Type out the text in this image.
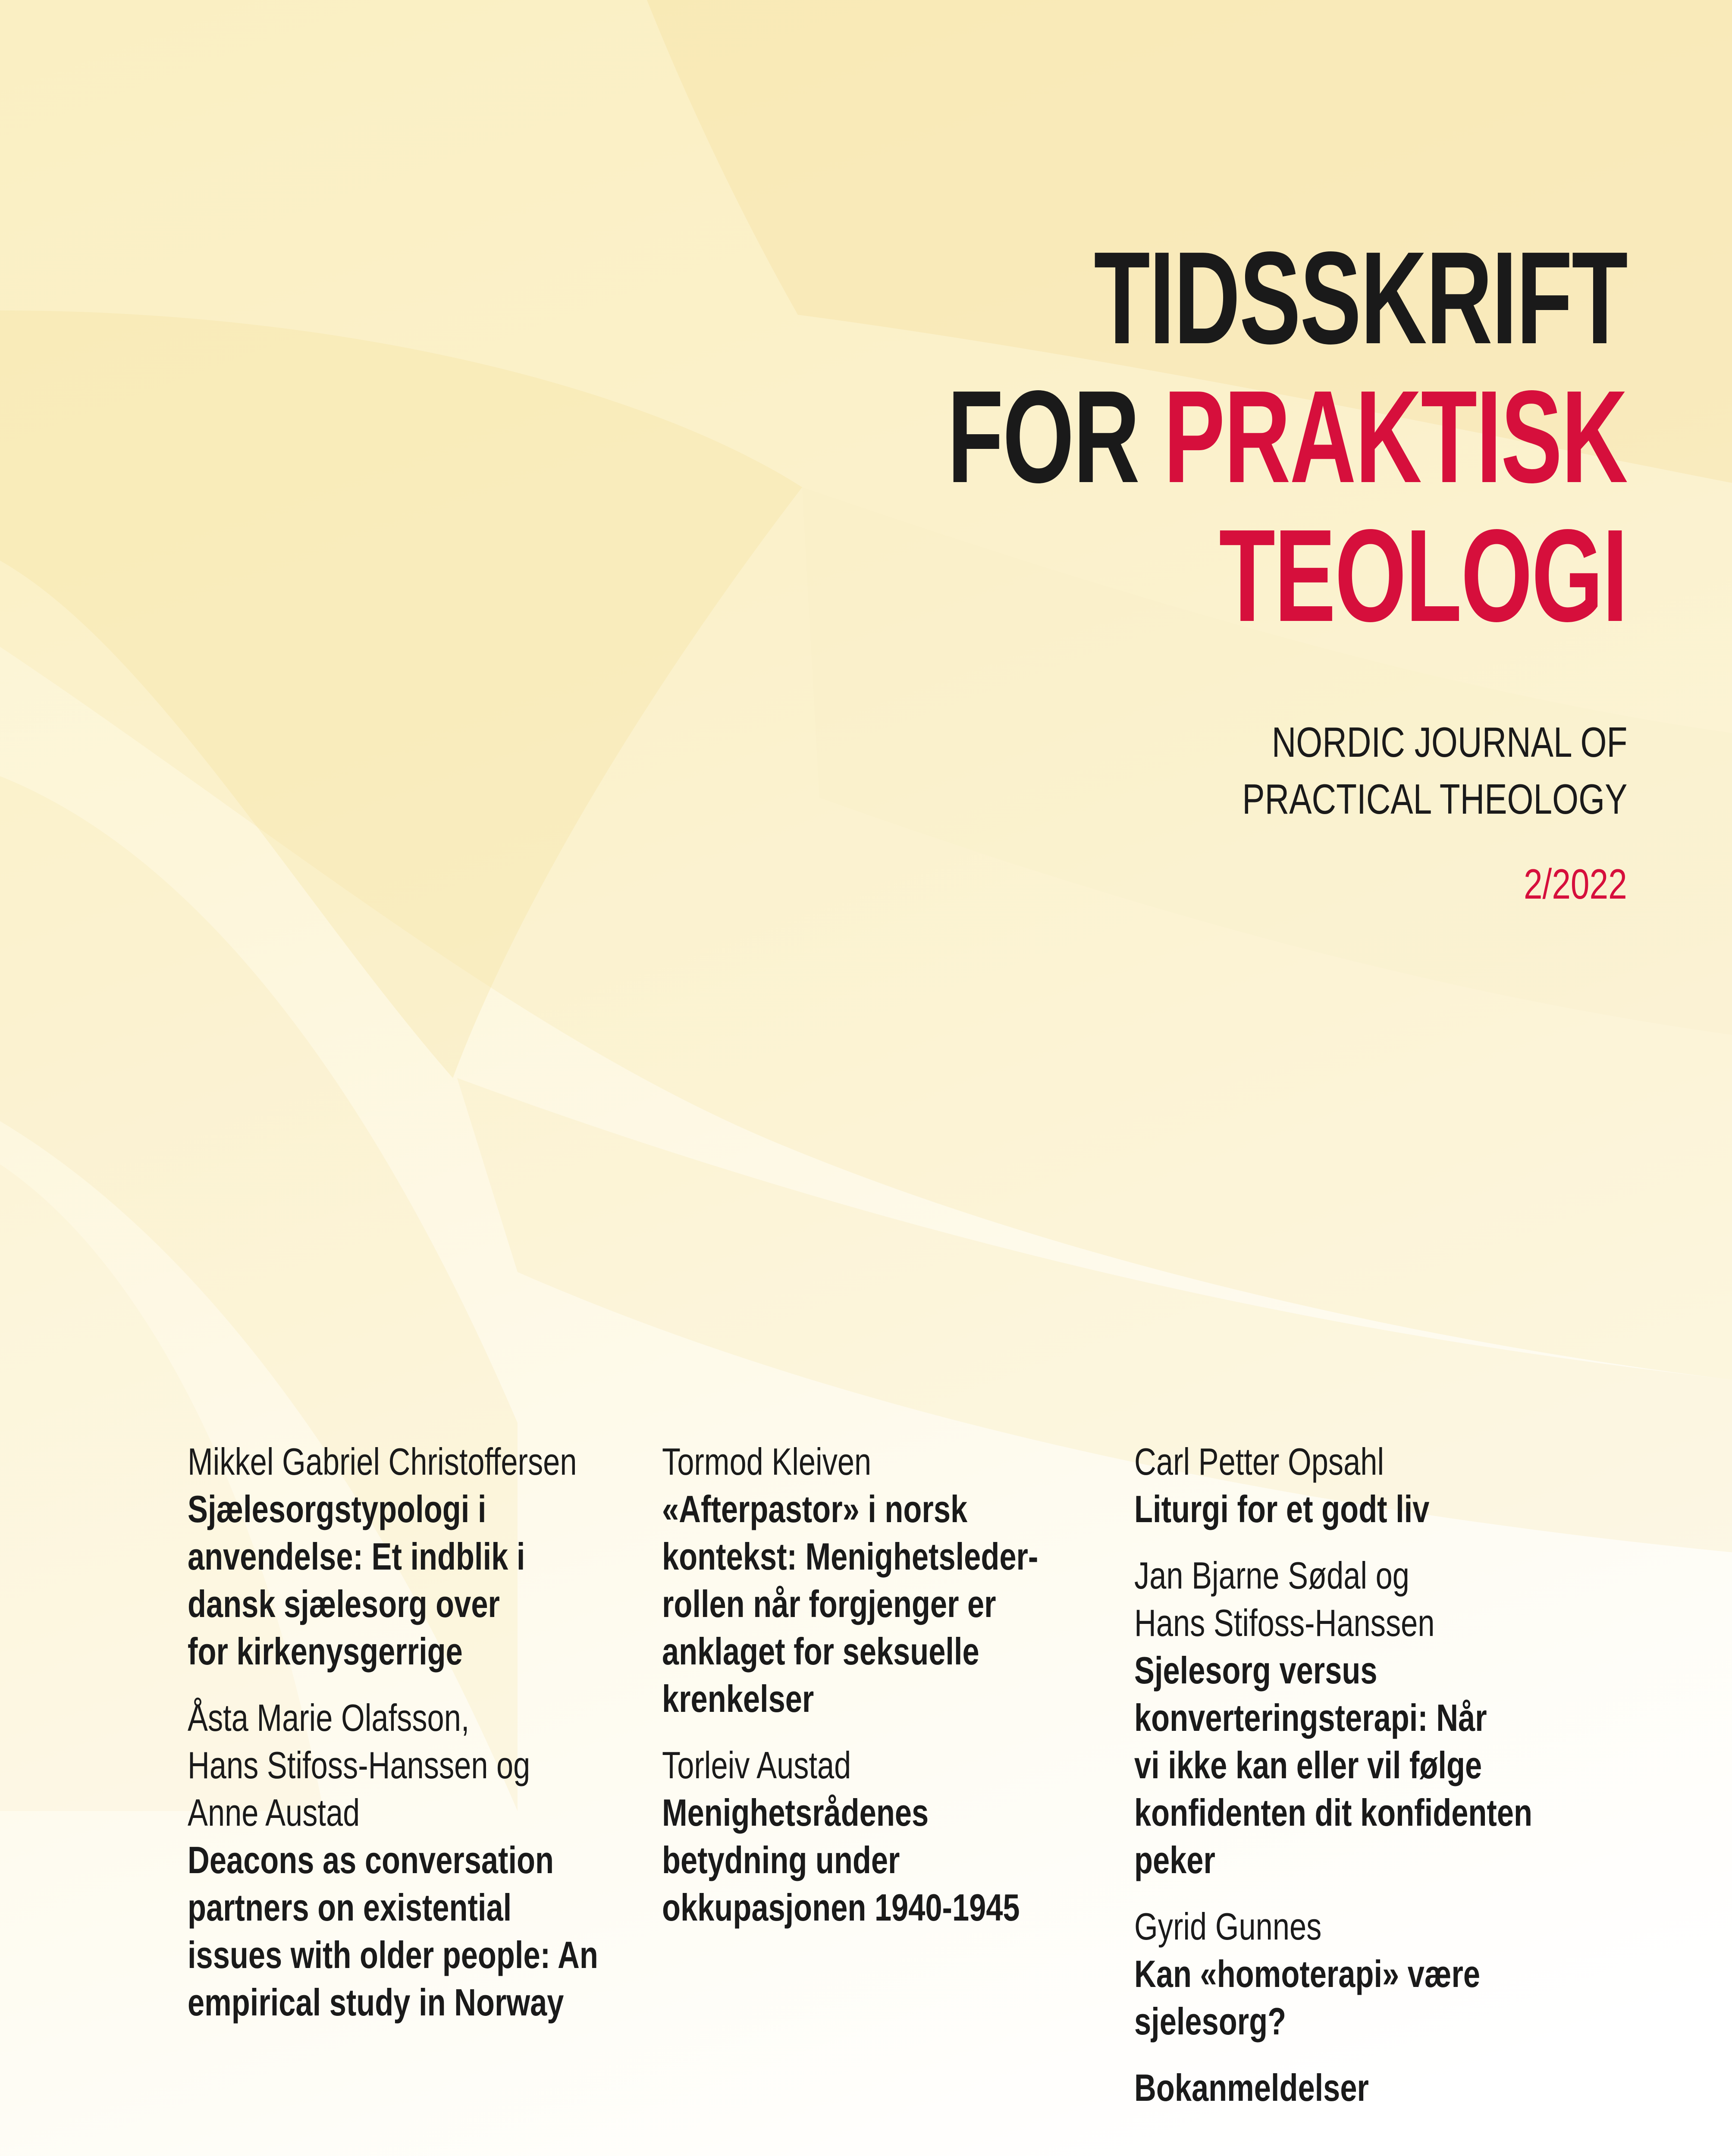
TIDSSKRIFT
FOR PRAKTISK
TEOLOGI
NORDIC JOURNAL OF
PRACTICAL THEOLOGY
2/2022
Mikkel Gabriel Christoffersen
Sjælesorgstypologi i
anvendelse: Et indblik i
dansk sjælesorg over
for kirkenysgerrige
Åsta Marie Olafsson,
Hans Stifoss-Hanssen og
Anne Austad
Deacons as conversation
partners on existential
issues with older people: An
empirical study in Norway
Tormod Kleiven
«Afterpastor» i norsk
kontekst: Menighetsleder-
rollen når forgjenger er
anklaget for seksuelle
krenkelser
Torleiv Austad
Menighetsrådenes
betydning under
okkupasjonen 1940-1945
Carl Petter Opsahl
Liturgi for et godt liv
Jan Bjarne Sødal og
Hans Stifoss-Hanssen
Sjelesorg versus
konverteringsterapi: Når
vi ikke kan eller vil følge
konfidenten dit konfidenten
peker
Gyrid Gunnes
Kan «homoterapi» være
sjelesorg?
Bokanmeldelser
